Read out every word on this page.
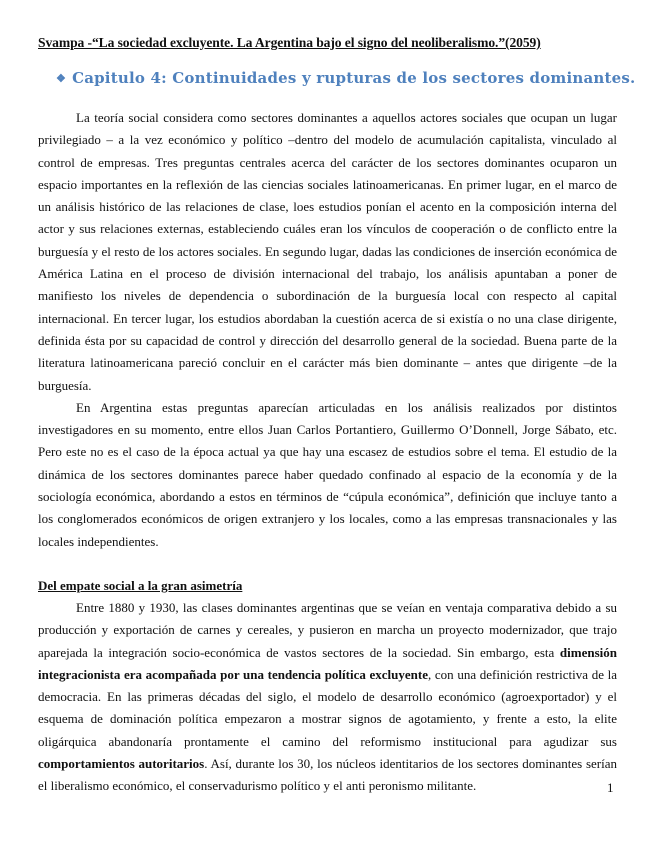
Svampa -“La sociedad excluyente. La Argentina bajo el signo del neoliberalismo.”(2059)
❖ Capitulo 4: Continuidades y rupturas de los sectores dominantes.

La teoría social considera como sectores dominantes a aquellos actores sociales que ocupan un lugar privilegiado – a la vez económico y político –dentro del modelo de acumulación capitalista, vinculado al control de empresas. Tres preguntas centrales acerca del carácter de los sectores dominantes ocuparon un espacio importantes en la reflexión de las ciencias sociales latinoamericanas. En primer lugar, en el marco de un análisis histórico de las relaciones de clase, loes estudios ponían el acento en la composición interna del actor y sus relaciones externas, estableciendo cuáles eran los vínculos de cooperación o de conflicto entre la burguesía y el resto de los actores sociales. En segundo lugar, dadas las condiciones de inserción económica de América Latina en el proceso de división internacional del trabajo, los análisis apuntaban a poner de manifiesto los niveles de dependencia o subordinación de la burguesía local con respecto al capital internacional. En tercer lugar, los estudios abordaban la cuestión acerca de si existía o no una clase dirigente, definida ésta por su capacidad de control y dirección del desarrollo general de la sociedad. Buena parte de la literatura latinoamericana pareció concluir en el carácter más bien dominante – antes que dirigente –de la burguesía.

En Argentina estas preguntas aparecían articuladas en los análisis realizados por distintos investigadores en su momento, entre ellos Juan Carlos Portantiero, Guillermo O’Donnell, Jorge Sábato, etc. Pero este no es el caso de la época actual ya que hay una escasez de estudios sobre el tema. El estudio de la dinámica de los sectores dominantes parece haber quedado confinado al espacio de la economía y de la sociología económica, abordando a estos en términos de “cúpula económica”, definición que incluye tanto a los conglomerados económicos de origen extranjero y los locales, como a las empresas transnacionales y las locales independientes.

Del empate social a la gran asimetría

Entre 1880 y 1930, las clases dominantes argentinas que se veían en ventaja comparativa debido a su producción y exportación de carnes y cereales, y pusieron en marcha un proyecto modernizador, que trajo aparejada la integración socio-económica de vastos sectores de la sociedad. Sin embargo, esta dimensión integracionista era acompañada por una tendencia política excluyente, con una definición restrictiva de la democracia. En las primeras décadas del siglo, el modelo de desarrollo económico (agroexportador) y el esquema de dominación política empezaron a mostrar signos de agotamiento, y frente a esto, la elite oligárquica abandonaría prontamente el camino del reformismo institucional para agudizar sus comportamientos autoritarios. Así, durante los 30, los núcleos identitarios de los sectores dominantes serían el liberalismo económico, el conservadurismo político y el anti peronismo militante.	1
